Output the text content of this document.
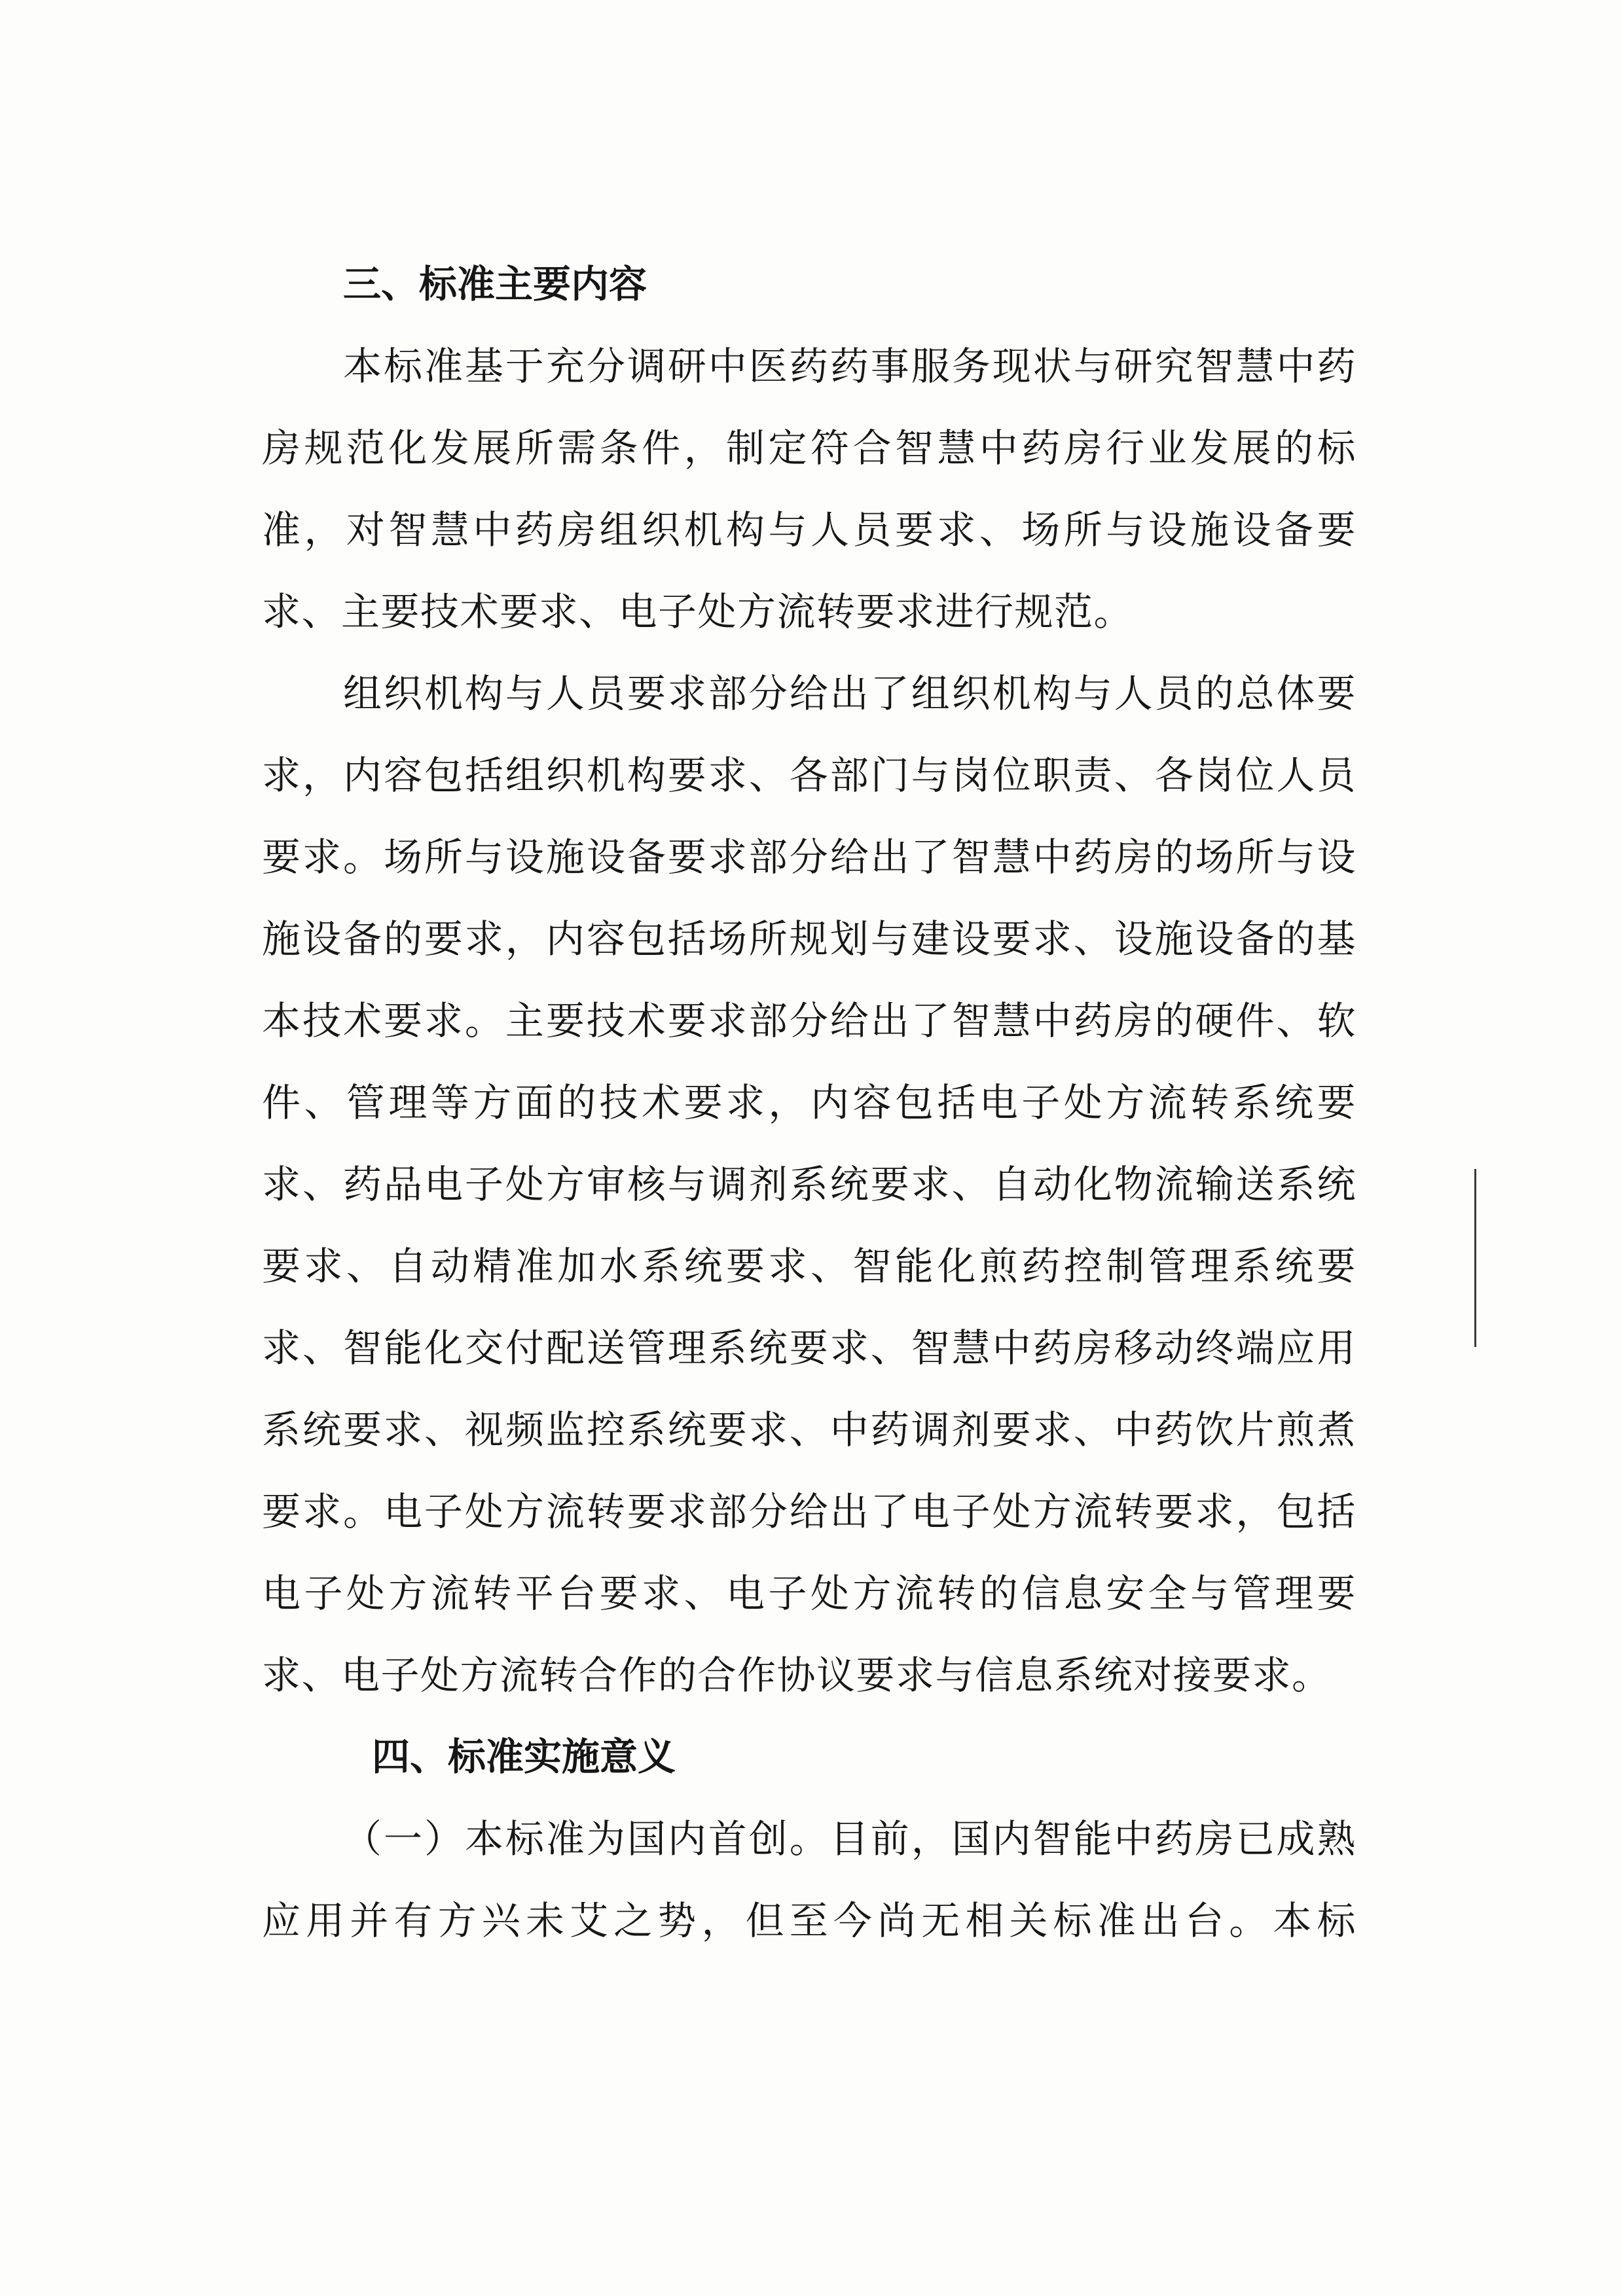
三、标准主要内容

本标准基于充分调研中医药药事服务现状与研究智慧中药房规范化发展所需条件，制定符合智慧中药房行业发展的标准，对智慧中药房组织机构与人员要求、场所与设施设备要求、主要技术要求、电子处方流转要求进行规范。

组织机构与人员要求部分给出了组织机构与人员的总体要求，内容包括组织机构要求、各部门与岗位职责、各岗位人员要求。场所与设施设备要求部分给出了智慧中药房的场所与设施设备的要求，内容包括场所规划与建设要求、设施设备的基本技术要求。主要技术要求部分给出了智慧中药房的硬件、软件、管理等方面的技术要求，内容包括电子处方流转系统要求、药品电子处方审核与调剂系统要求、自动化物流输送系统要求、自动精准加水系统要求、智能化煎药控制管理系统要求、智能化交付配送管理系统要求、智慧中药房移动终端应用系统要求、视频监控系统要求、中药调剂要求、中药饮片煎煮要求。电子处方流转要求部分给出了电子处方流转要求，包括电子处方流转平台要求、电子处方流转的信息安全与管理要求、电子处方流转合作的合作协议要求与信息系统对接要求。

四、标准实施意义

（一）本标准为国内首创。目前，国内智能中药房已成熟应用并有方兴未艾之势，但至今尚无相关标准出台。本标
